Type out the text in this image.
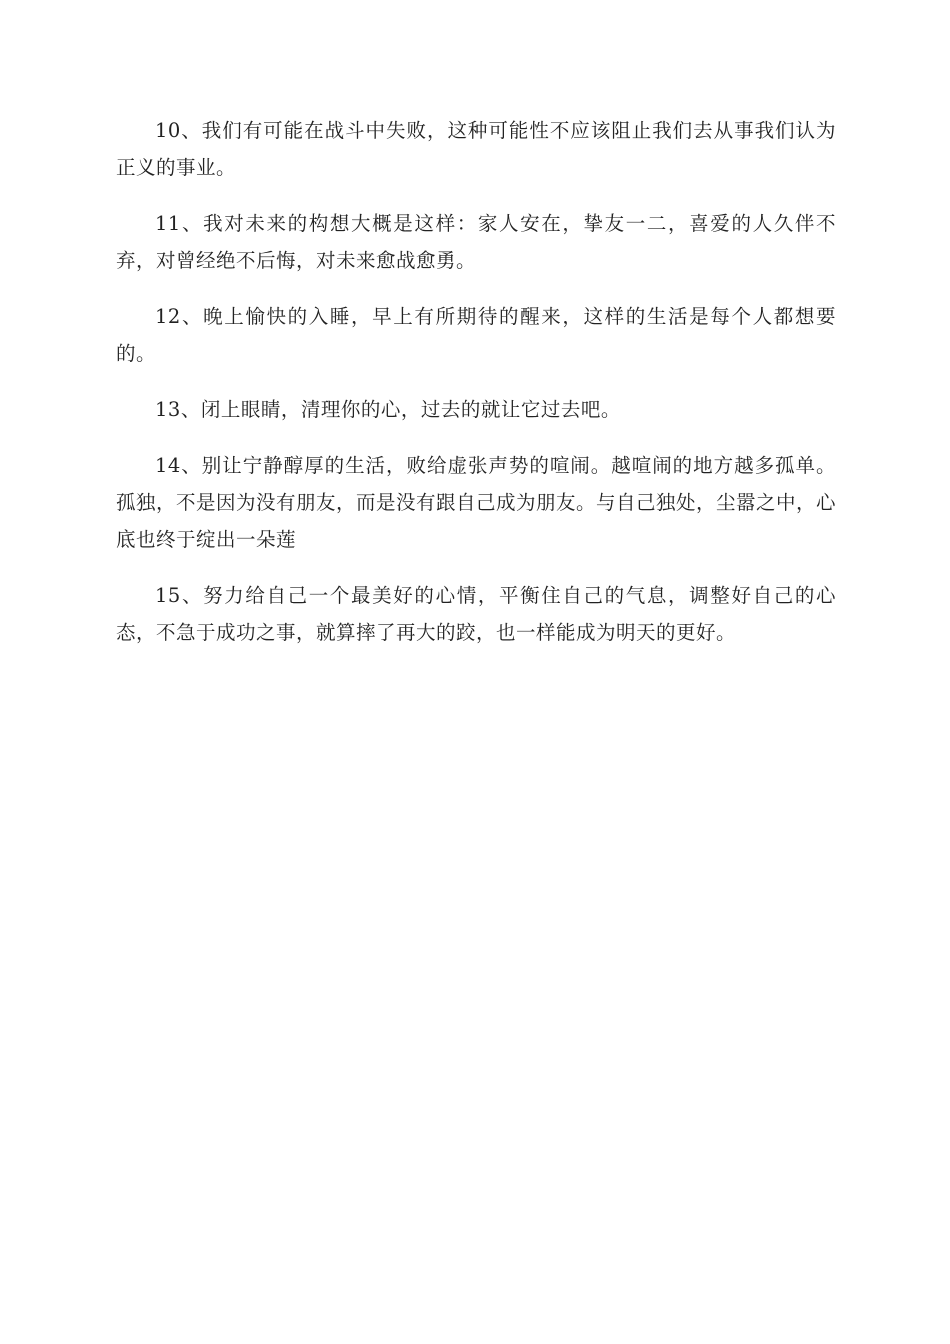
10、我们有可能在战斗中失败，这种可能性不应该阻止我们去从事我们认为正义的事业。

11、我对未来的构想大概是这样：家人安在，挚友一二，喜爱的人久伴不弃，对曾经绝不后悔，对未来愈战愈勇。

12、晚上愉快的入睡，早上有所期待的醒来，这样的生活是每个人都想要的。

13、闭上眼睛，清理你的心，过去的就让它过去吧。

14、别让宁静醇厚的生活，败给虚张声势的喧闹。越喧闹的地方越多孤单。孤独，不是因为没有朋友，而是没有跟自己成为朋友。与自己独处，尘嚣之中，心底也终于绽出一朵莲

15、努力给自己一个最美好的心情，平衡住自己的气息，调整好自己的心态，不急于成功之事，就算摔了再大的跤，也一样能成为明天的更好。
